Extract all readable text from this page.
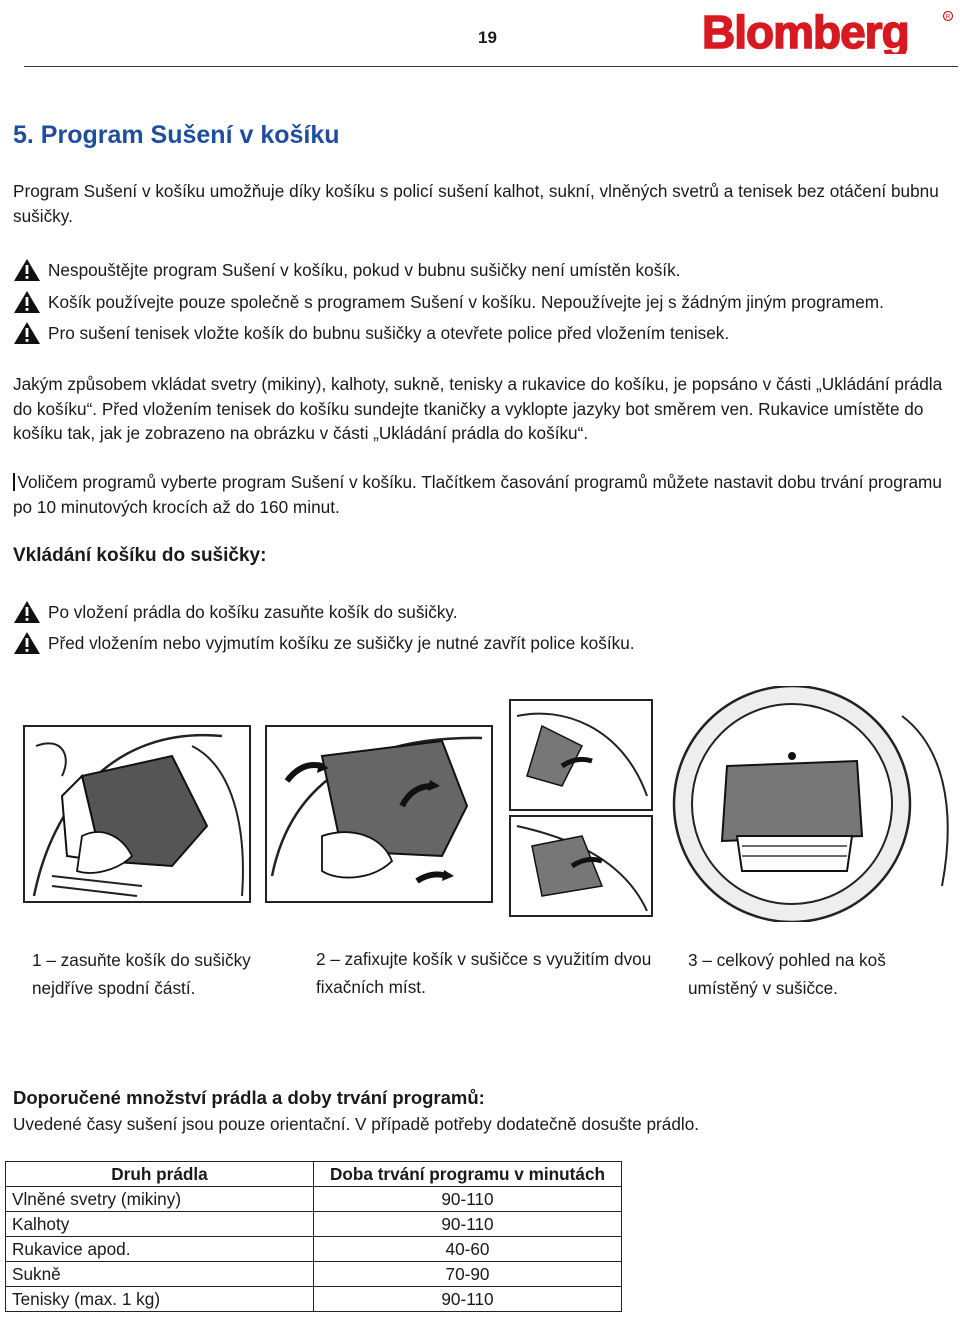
19	Blomberg	R
5. Program Sušení v košíku
Program Sušení v košíku umožňuje díky košíku s policí sušení kalhot, sukní, vlněných svetrů a tenisek bez otáčení bubnu sušičky.
Nespouštějte program Sušení v košíku, pokud v bubnu sušičky není umístěn košík.
Košík používejte pouze společně s programem Sušení v košíku. Nepoužívejte jej s žádným jiným programem.
Pro sušení tenisek vložte košík do bubnu sušičky a otevřete police před vložením tenisek.
Jakým způsobem vkládat svetry (mikiny), kalhoty, sukně, tenisky a rukavice do košíku, je popsáno v části „Ukládání prádla do košíku“. Před vložením tenisek do košíku sundejte tkaničky a vyklopte jazyky bot směrem ven. Rukavice umístěte do košíku tak, jak je zobrazeno na obrázku v části „Ukládání prádla do košíku“.
Voličem programů vyberte program Sušení v košíku. Tlačítkem časování programů můžete nastavit dobu trvání programu po 10 minutových krocích až do 160 minut.
Vkládání košíku do sušičky:
Po vložení prádla do košíku zasuňte košík do sušičky.
Před vložením nebo vyjmutím košíku ze sušičky je nutné zavřít police košíku.
1 – zasuňte košík do sušičky nejdříve spodní částí.
2 – zafixujte košík v sušičce s využitím dvou fixačních míst.
3 – celkový pohled na koš umístěný v sušičce.
Doporučené množství prádla a doby trvání programů:
Uvedené časy sušení jsou pouze orientační. V případě potřeby dodatečně dosušte prádlo.
Druh prádla	Doba trvání programu v minutách
Vlněné svetry (mikiny)	90-110
Kalhoty	90-110
Rukavice apod.	40-60
Sukně	70-90
Tenisky (max. 1 kg)	90-110
